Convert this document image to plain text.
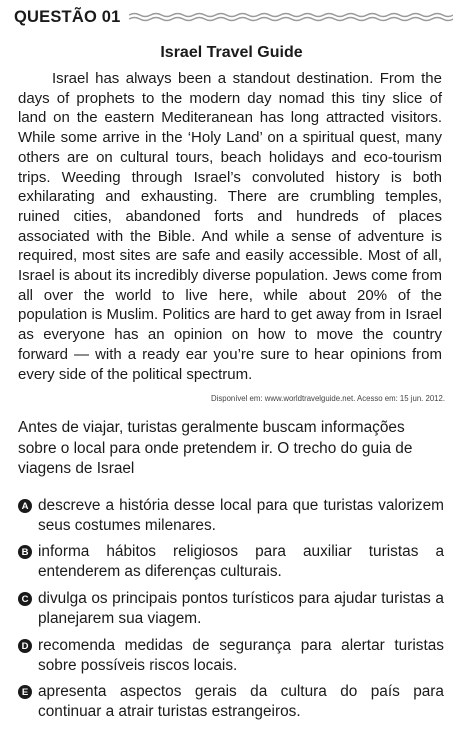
QUESTÃO 01
Israel Travel Guide

Israel has always been a standout destination. From the days of prophets to the modern day nomad this tiny slice of land on the eastern Mediteranean has long attracted visitors. While some arrive in the ‘Holy Land’ on a spiritual quest, many others are on cultural tours, beach holidays and eco-tourism trips. Weeding through Israel’s convoluted history is both exhilarating and exhausting. There are crumbling temples, ruined cities, abandoned forts and hundreds of places associated with the Bible. And while a sense of adventure is required, most sites are safe and easily accessible. Most of all, Israel is about its incredibly diverse population. Jews come from all over the world to live here, while about 20% of the population is Muslim. Politics are hard to get away from in Israel as everyone has an opinion on how to move the country forward — with a ready ear you’re sure to hear opinions from every side of the political spectrum.

Disponível em: www.worldtravelguide.net. Acesso em: 15 jun. 2012.

Antes de viajar, turistas geralmente buscam informações sobre o local para onde pretendem ir. O trecho do guia de viagens de Israel

A descreve a história desse local para que turistas valorizem seus costumes milenares.
B informa hábitos religiosos para auxiliar turistas a entenderem as diferenças culturais.
C divulga os principais pontos turísticos para ajudar turistas a planejarem sua viagem.
D recomenda medidas de segurança para alertar turistas sobre possíveis riscos locais.
E apresenta aspectos gerais da cultura do país para continuar a atrair turistas estrangeiros.
